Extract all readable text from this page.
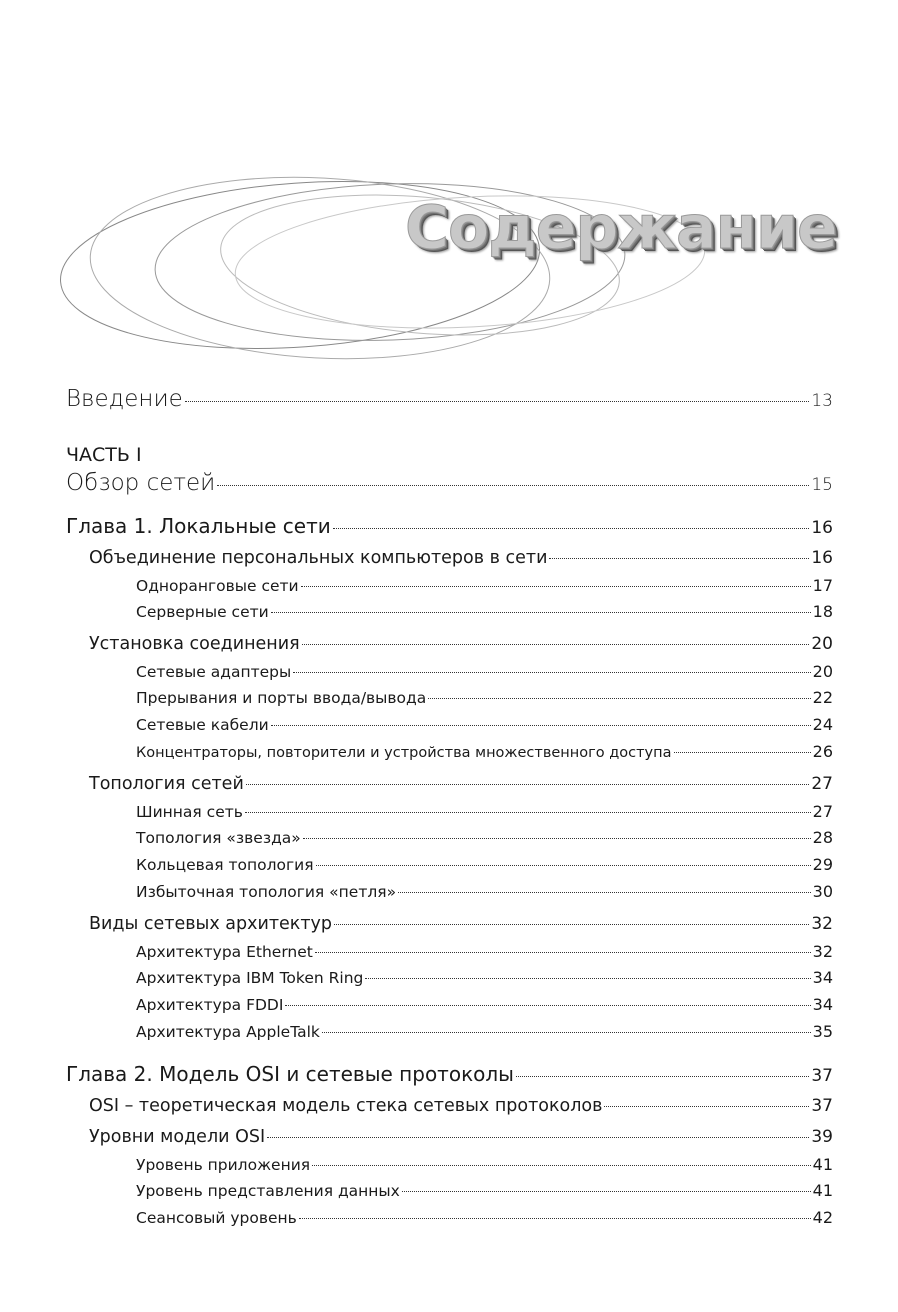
Содержание
Введение	13
ЧАСТЬ I
Обзор сетей	15
Глава 1. Локальные сети	16
Объединение персональных компьютеров в сети	16
Одноранговые сети	17
Серверные сети	18
Установка соединения	20
Сетевые адаптеры	20
Прерывания и порты ввода/вывода	22
Сетевые кабели	24
Концентраторы, повторители и устройства множественного доступа	26
Топология сетей	27
Шинная сеть	27
Топология «звезда»	28
Кольцевая топология	29
Избыточная топология «петля»	30
Виды сетевых архитектур	32
Архитектура Ethernet	32
Архитектура IBM Token Ring	34
Архитектура FDDI	34
Архитектура AppleTalk	35
Глава 2. Модель OSI и сетевые протоколы	37
OSI – теоретическая модель стека сетевых протоколов	37
Уровни модели OSI	39
Уровень приложения	41
Уровень представления данных	41
Сеансовый уровень	42
